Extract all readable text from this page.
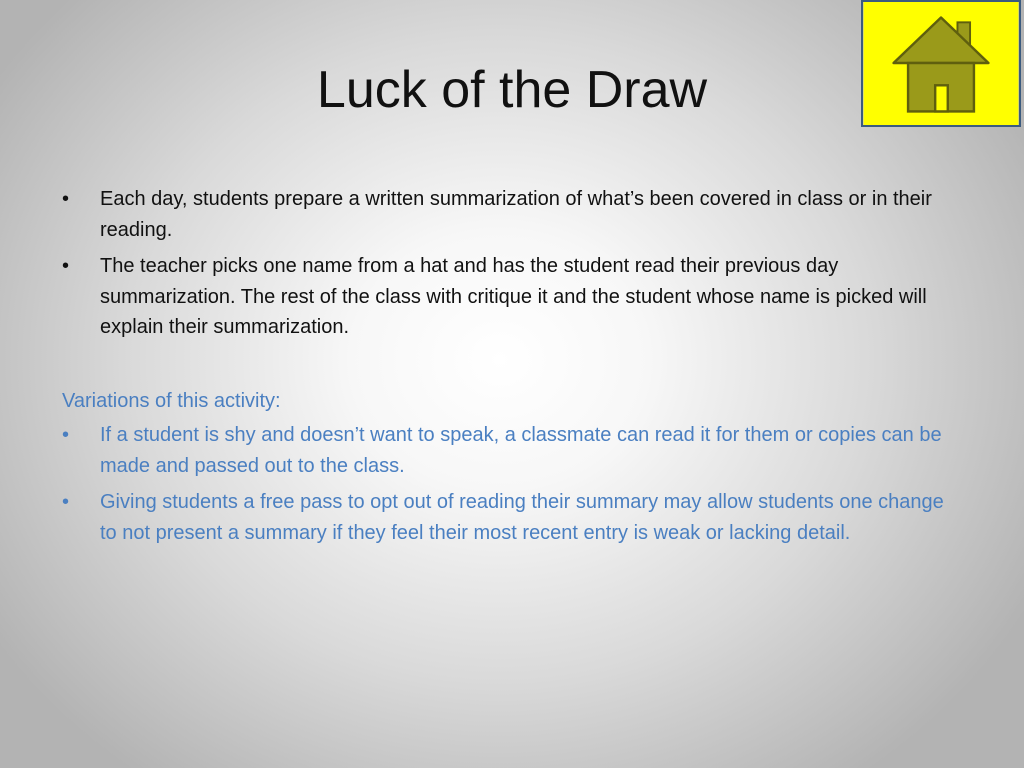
Luck of the Draw
• Each day, students prepare a written summarization of what’s been covered in class or in their reading.
• The teacher picks one name from a hat and has the student read their previous day summarization. The rest of the class with critique it and the student whose name is picked will explain their summarization.
Variations of this activity:
• If a student is shy and doesn’t want to speak, a classmate can read it for them or copies can be made and passed out to the class.
• Giving students a free pass to opt out of reading their summary may allow students one change to not present a summary if they feel their most recent entry is weak or lacking detail.
